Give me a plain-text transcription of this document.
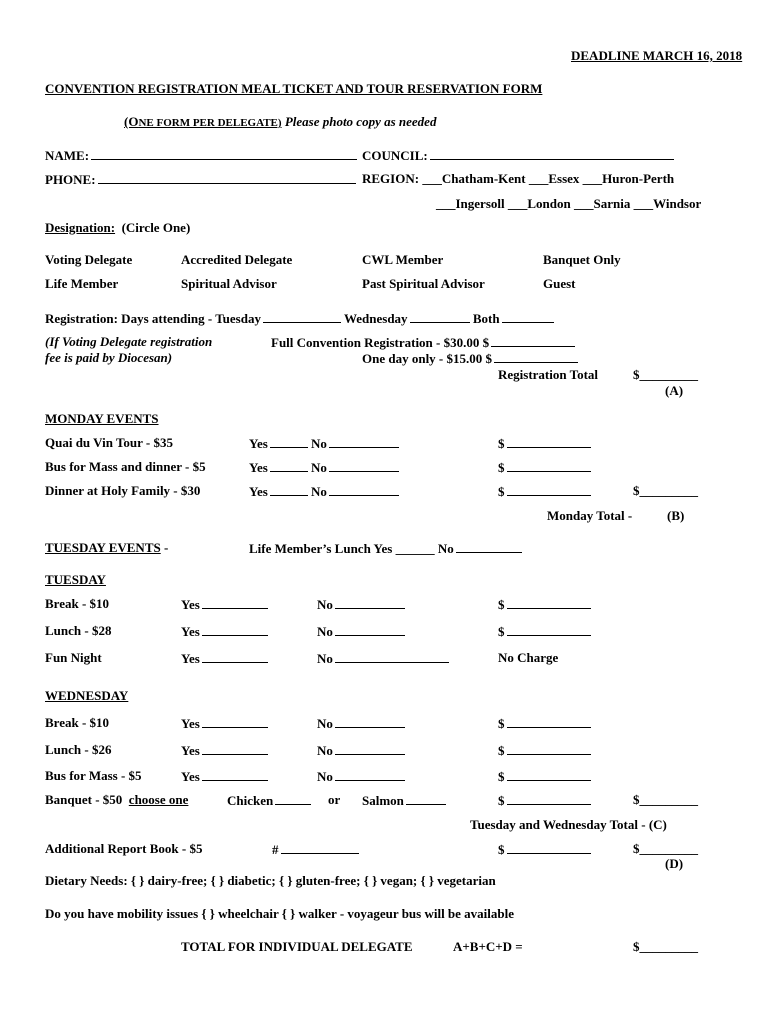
DEADLINE MARCH 16, 2018
CONVENTION REGISTRATION MEAL TICKET AND TOUR RESERVATION FORM
(ONE FORM PER DELEGATE) Please photo copy as needed
NAME:	COUNCIL:
PHONE:	REGION: ___Chatham-Kent ___Essex ___Huron-Perth
___Ingersoll ___London ___Sarnia ___Windsor
Designation: (Circle One)
Voting Delegate	Accredited Delegate	CWL Member	Banquet Only
Life Member	Spiritual Advisor	Past Spiritual Advisor	Guest
Registration: Days attending - Tuesday	Wednesday	Both
(If Voting Delegate registration
fee is paid by Diocesan)
Full Convention Registration - $30.00 $
One day only - $15.00 $
Registration Total	$_________
(A)
MONDAY EVENTS
Quai du Vin Tour - $35	Yes	No	$
Bus for Mass and dinner - $5	Yes	No	$
Dinner at Holy Family - $30	Yes	No	$	$_________
Monday Total -	(B)
TUESDAY EVENTS -	Life Member’s Lunch Yes ______ No
TUESDAY
Break - $10	Yes	No	$
Lunch - $28	Yes	No	$
Fun Night	Yes	No	No Charge
WEDNESDAY
Break - $10	Yes	No	$
Lunch - $26	Yes	No	$
Bus for Mass - $5	Yes	No	$
Banquet - $50 choose one	Chicken	or Salmon	$	$_________
Tuesday and Wednesday Total - (C)
Additional Report Book - $5	#	$	$_________
(D)
Dietary Needs: { } dairy-free; { } diabetic; { } gluten-free; { } vegan; { } vegetarian
Do you have mobility issues { } wheelchair { } walker - voyageur bus will be available
TOTAL FOR INDIVIDUAL DELEGATE	A+B+C+D =	$_________
